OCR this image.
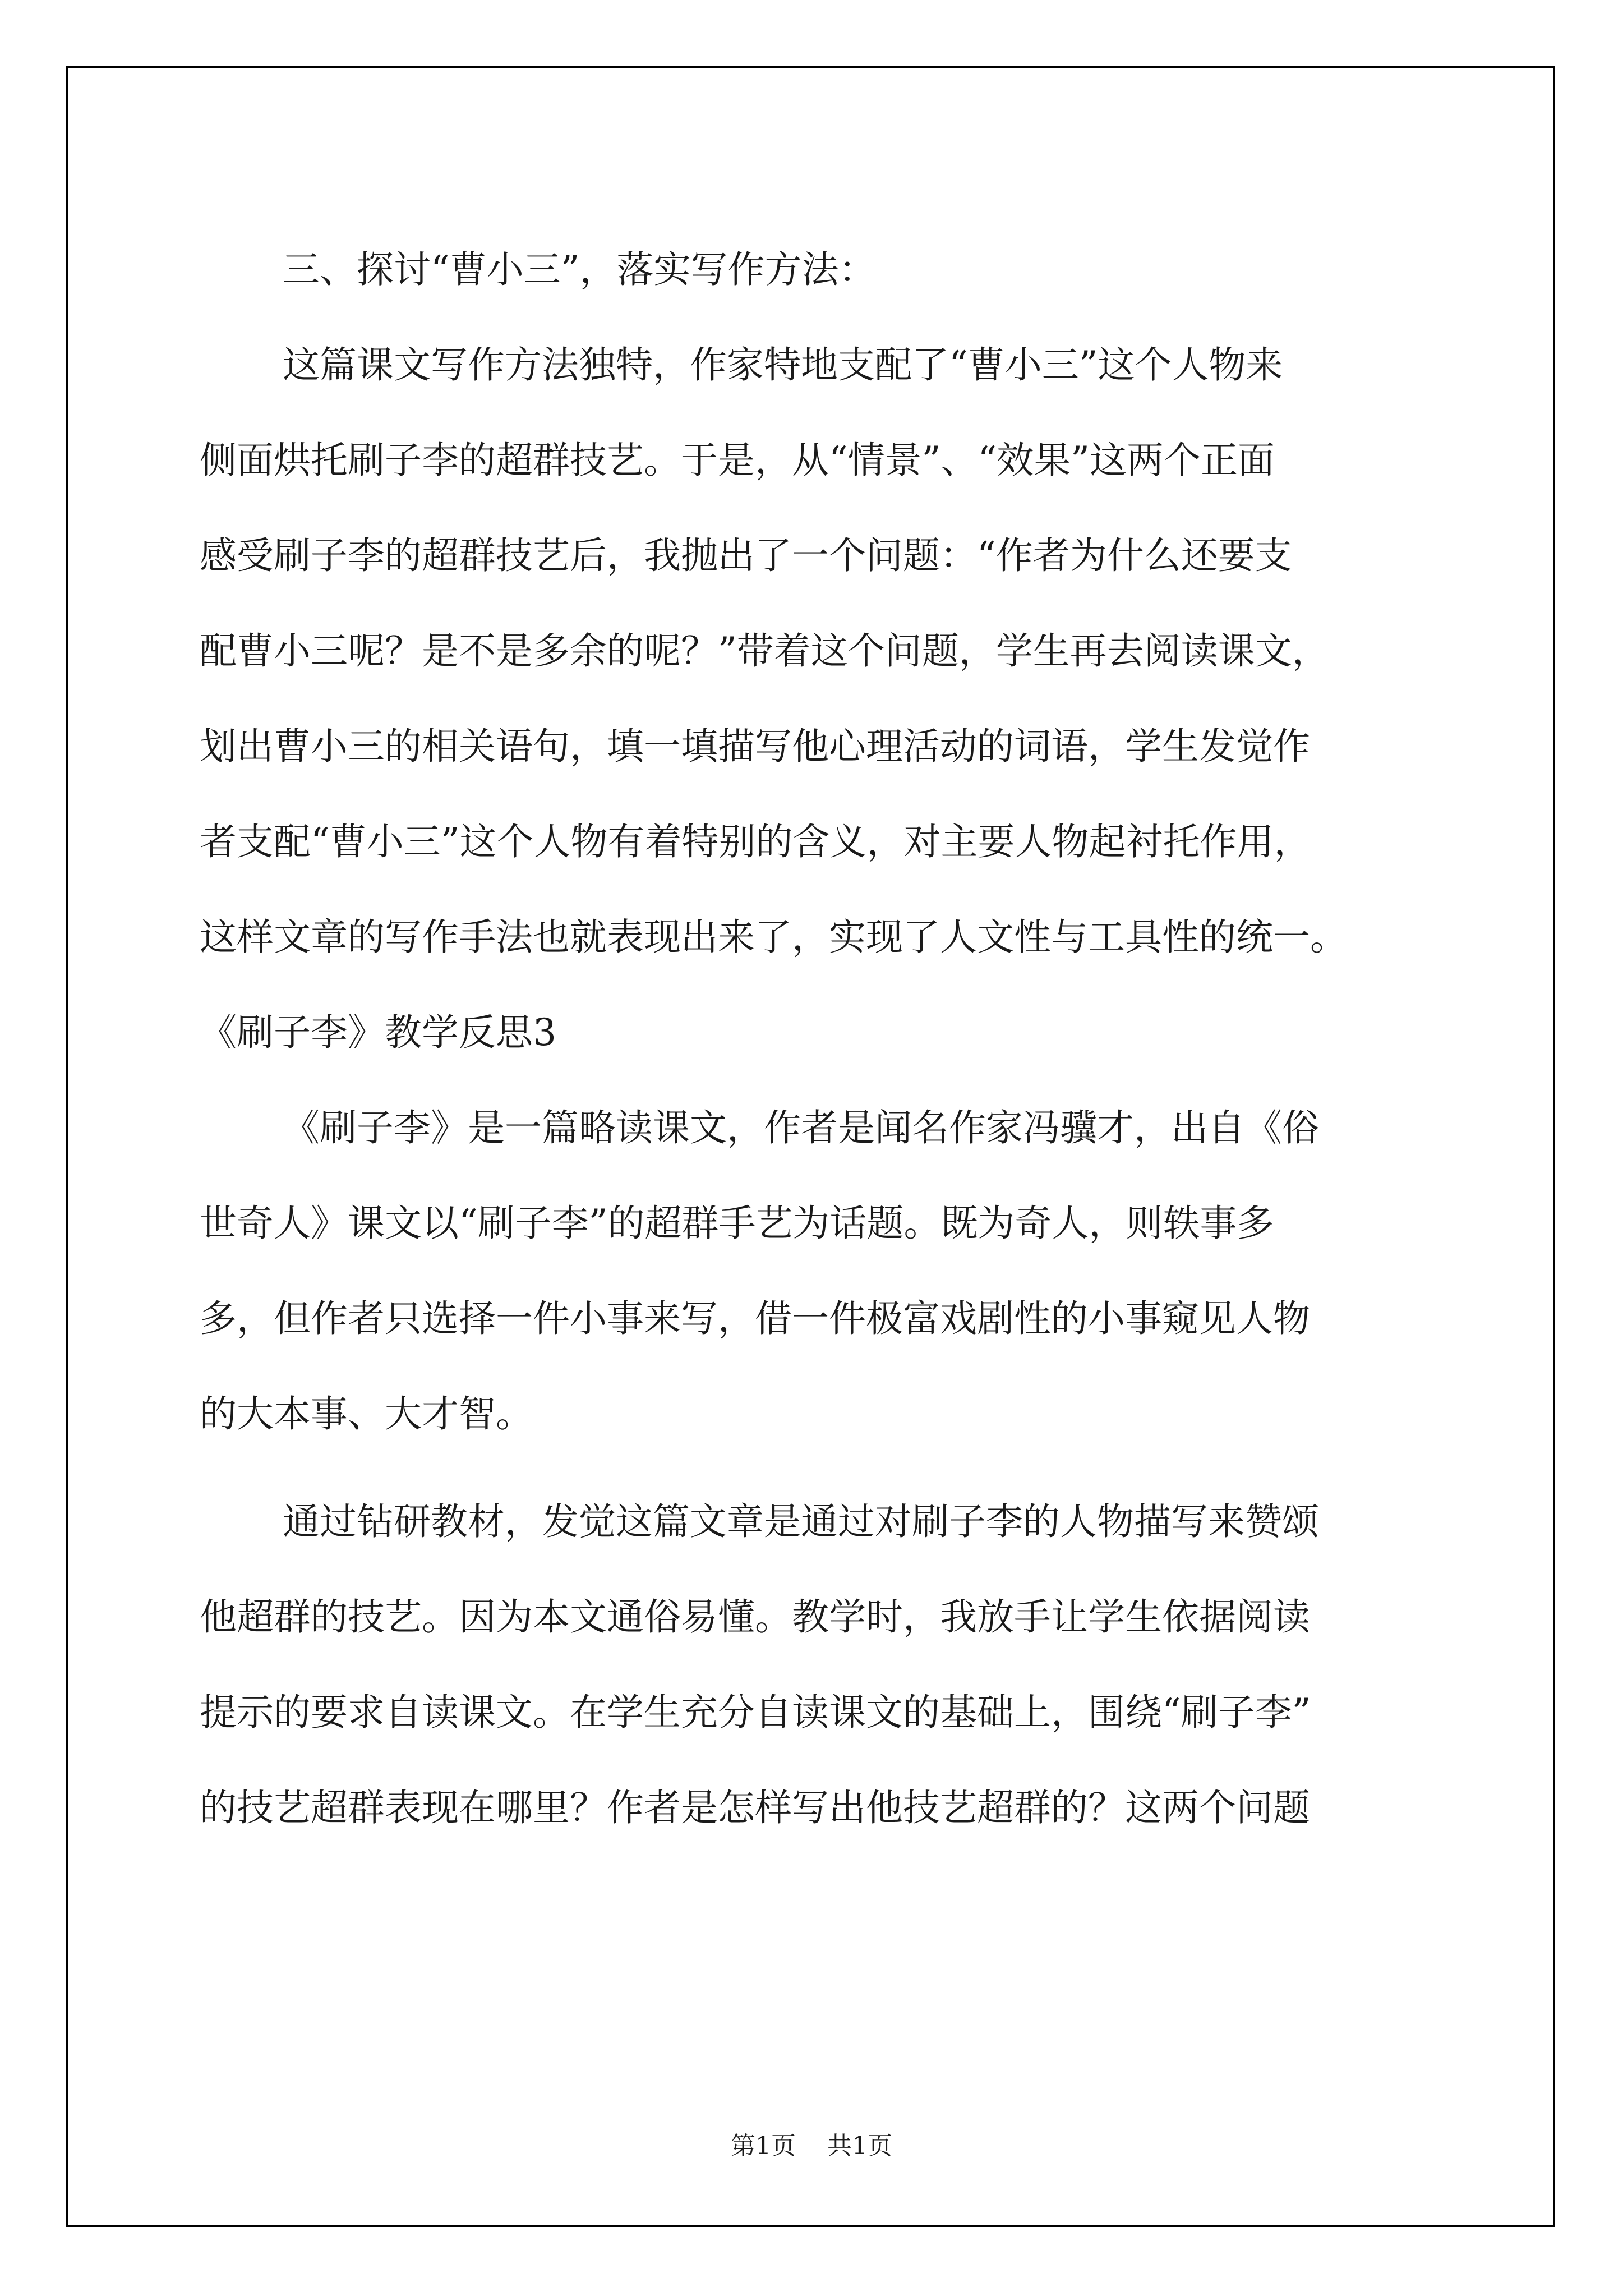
三、探讨“曹小三”，落实写作方法：
这篇课文写作方法独特，作家特地支配了“曹小三”这个人物来
侧面烘托刷子李的超群技艺。于是，从“情景”、“效果”这两个正面
感受刷子李的超群技艺后，我抛出了一个问题：“作者为什么还要支
配曹小三呢？是不是多余的呢？”带着这个问题，学生再去阅读课文，
划出曹小三的相关语句，填一填描写他心理活动的词语，学生发觉作
者支配“曹小三”这个人物有着特别的含义，对主要人物起衬托作用，
这样文章的写作手法也就表现出来了，实现了人文性与工具性的统一。
《刷子李》教学反思3
《刷子李》是一篇略读课文，作者是闻名作家冯骥才，出自《俗
世奇人》课文以“刷子李”的超群手艺为话题。既为奇人，则轶事多
多，但作者只选择一件小事来写，借一件极富戏剧性的小事窥见人物
的大本事、大才智。
通过钻研教材，发觉这篇文章是通过对刷子李的人物描写来赞颂
他超群的技艺。因为本文通俗易懂。教学时，我放手让学生依据阅读
提示的要求自读课文。在学生充分自读课文的基础上，围绕“刷子李”
的技艺超群表现在哪里？作者是怎样写出他技艺超群的？这两个问题
第1页 共1页
